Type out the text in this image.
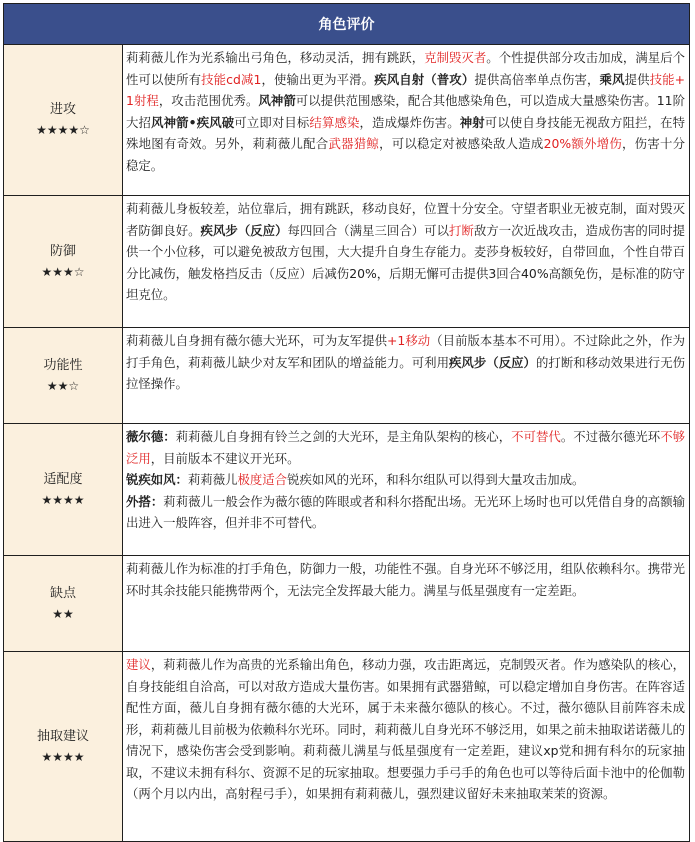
角色评价	
进攻
★★★★☆	莉莉薇儿作为光系输出弓角色，移动灵活，拥有跳跃，克制毁灭者。个性提供部分攻击加成，满星后个性可以使所有技能cd减1，使输出更为平滑。疾风自射（普攻）提供高倍率单点伤害，乘风提供技能+1射程，攻击范围优秀。风神箭可以提供范围感染，配合其他感染角色，可以造成大量感染伤害。11阶大招风神箭•疾风破可立即对目标结算感染，造成爆炸伤害。神射可以使自身技能无视敌方阻拦，在特殊地图有奇效。另外，莉莉薇儿配合武器猎鲸，可以稳定对被感染敌人造成20%额外增伤，伤害十分稳定。
防御
★★★☆	莉莉薇儿身板较差，站位靠后，拥有跳跃，移动良好，位置十分安全。守望者职业无被克制，面对毁灭者防御良好。疾风步（反应）每四回合（满星三回合）可以打断敌方一次近战攻击，造成伤害的同时提供一个小位移，可以避免被敌方包围，大大提升自身生存能力。麦莎身板较好，自带回血，个性自带百分比减伤，触发格挡反击（反应）后减伤20%，后期无懈可击提供3回合40%高额免伤，是标准的防守坦克位。
功能性
★★☆	莉莉薇儿自身拥有薇尔德大光环，可为友军提供+1移动（目前版本基本不可用）。不过除此之外，作为打手角色，莉莉薇儿缺少对友军和团队的增益能力。可利用疾风步（反应）的打断和移动效果进行无伤拉怪操作。
适配度
★★★★	薇尔德：莉莉薇儿自身拥有铃兰之剑的大光环，是主角队架构的核心，不可替代。不过薇尔德光环不够泛用，目前版本不建议开光环。
锐疾如风：莉莉薇儿极度适合锐疾如风的光环，和科尔组队可以得到大量攻击加成。
外搭：莉莉薇儿一般会作为薇尔德的阵眼或者和科尔搭配出场。无光环上场时也可以凭借自身的高额输出进入一般阵容，但并非不可替代。
缺点
★★	莉莉薇儿作为标准的打手角色，防御力一般，功能性不强。自身光环不够泛用，组队依赖科尔。携带光环时其余技能只能携带两个，无法完全发挥最大能力。满星与低星强度有一定差距。
抽取建议
★★★★	建议，莉莉薇儿作为高贵的光系输出角色，移动力强，攻击距离远，克制毁灭者。作为感染队的核心，自身技能组自洽高，可以对敌方造成大量伤害。如果拥有武器猎鲸，可以稳定增加自身伤害。在阵容适配性方面，薇儿自身拥有薇尔德的大光环，属于未来薇尔德队的核心。不过，薇尔德队目前阵容未成形，莉莉薇儿目前极为依赖科尔光环。同时，莉莉薇儿自身光环不够泛用，如果之前未抽取诺诺薇儿的情况下，感染伤害会受到影响。莉莉薇儿满星与低星强度有一定差距，建议xp党和拥有科尔的玩家抽取，不建议未拥有科尔、资源不足的玩家抽取。想要强力手弓手的角色也可以等待后面卡池中的伦伽勒（两个月以内出，高射程弓手），如果拥有莉莉薇儿，强烈建议留好未来抽取茉茉的资源。
